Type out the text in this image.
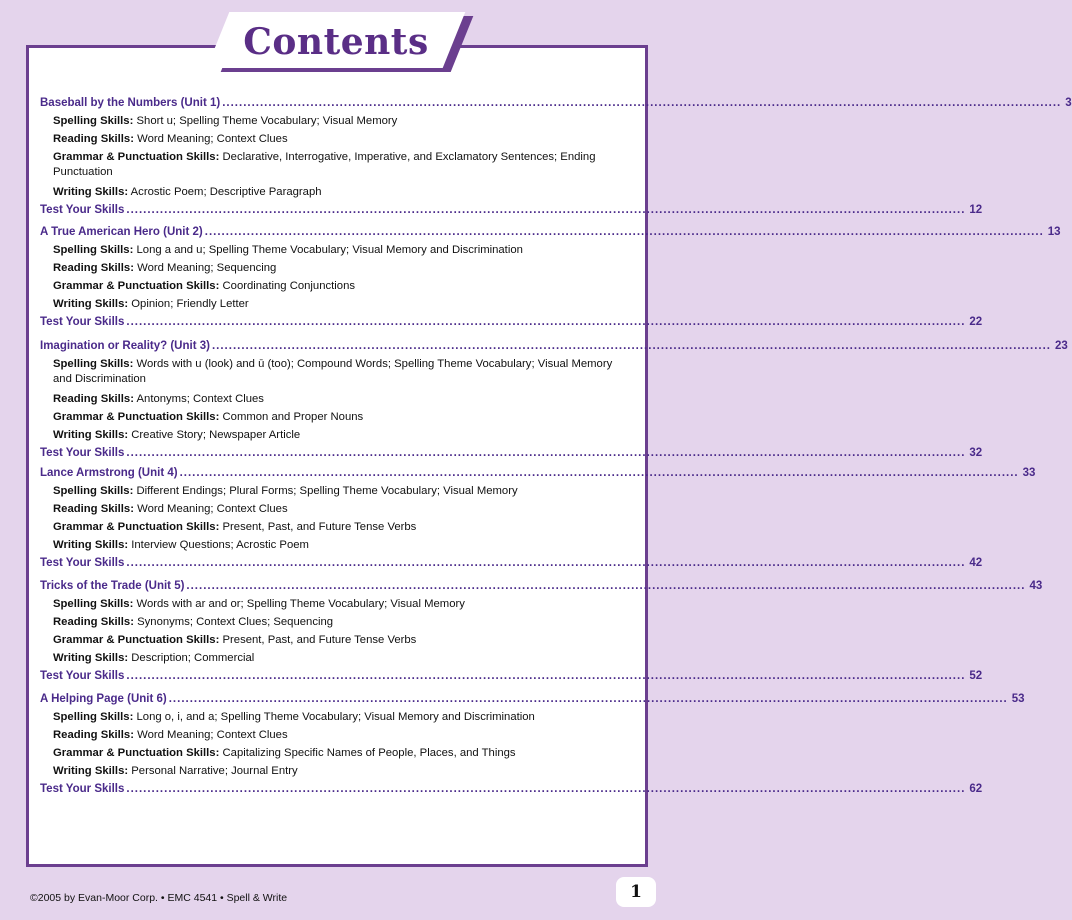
Contents
Baseball by the Numbers (Unit 1) ........................................................................................................................................................................................................ 3
Spelling Skills: Short u; Spelling Theme Vocabulary; Visual Memory
Reading Skills: Word Meaning; Context Clues
Grammar & Punctuation Skills: Declarative, Interrogative, Imperative, and Exclamatory Sentences; Ending Punctuation
Writing Skills: Acrostic Poem; Descriptive Paragraph
Test Your Skills ........................................................................................................................................................................................................ 12
A True American Hero (Unit 2) ........................................................................................................................................................................................................ 13
Spelling Skills: Long a and u; Spelling Theme Vocabulary; Visual Memory and Discrimination
Reading Skills: Word Meaning; Sequencing
Grammar & Punctuation Skills: Coordinating Conjunctions
Writing Skills: Opinion; Friendly Letter
Test Your Skills ........................................................................................................................................................................................................ 22
Imagination or Reality? (Unit 3) ........................................................................................................................................................................................................ 23
Spelling Skills: Words with u (look) and ū (too); Compound Words; Spelling Theme Vocabulary; Visual Memory and Discrimination
Reading Skills: Antonyms; Context Clues
Grammar & Punctuation Skills: Common and Proper Nouns
Writing Skills: Creative Story; Newspaper Article
Test Your Skills ........................................................................................................................................................................................................ 32
Lance Armstrong (Unit 4) ........................................................................................................................................................................................................ 33
Spelling Skills: Different Endings; Plural Forms; Spelling Theme Vocabulary; Visual Memory
Reading Skills: Word Meaning; Context Clues
Grammar & Punctuation Skills: Present, Past, and Future Tense Verbs
Writing Skills: Interview Questions; Acrostic Poem
Test Your Skills ........................................................................................................................................................................................................ 42
Tricks of the Trade (Unit 5) ........................................................................................................................................................................................................ 43
Spelling Skills: Words with ar and or; Spelling Theme Vocabulary; Visual Memory
Reading Skills: Synonyms; Context Clues; Sequencing
Grammar & Punctuation Skills: Present, Past, and Future Tense Verbs
Writing Skills: Description; Commercial
Test Your Skills ........................................................................................................................................................................................................ 52
A Helping Page (Unit 6) ........................................................................................................................................................................................................ 53
Spelling Skills: Long o, i, and a; Spelling Theme Vocabulary; Visual Memory and Discrimination
Reading Skills: Word Meaning; Context Clues
Grammar & Punctuation Skills: Capitalizing Specific Names of People, Places, and Things
Writing Skills: Personal Narrative; Journal Entry
Test Your Skills ........................................................................................................................................................................................................ 62
©2005 by Evan-Moor Corp. • EMC 4541 • Spell & Write	1
